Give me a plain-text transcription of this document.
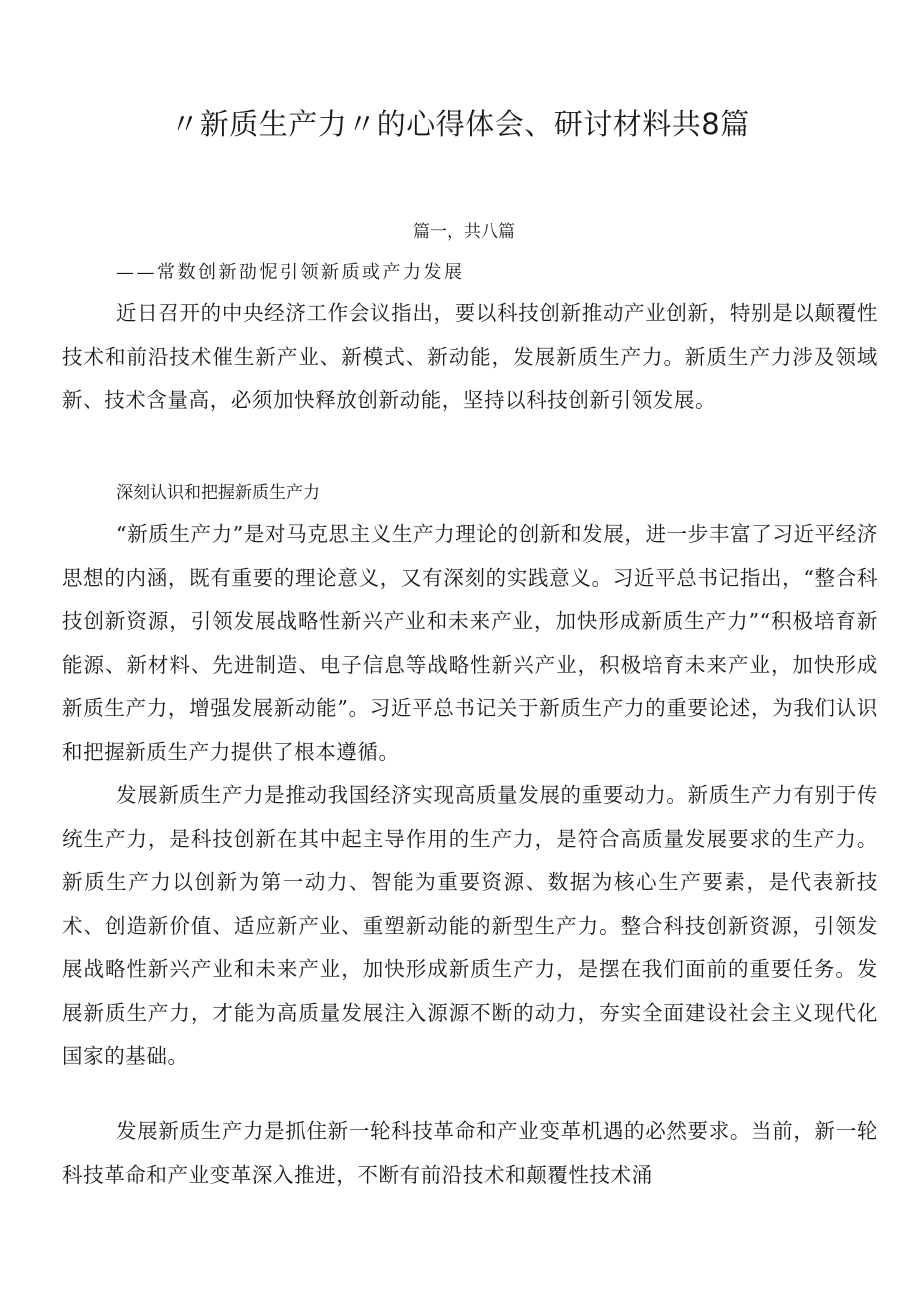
〃新质生产力〃的心得体会、研讨材料共8篇

篇一，共八篇

——常数创新劭怩引领新质或产力发展

近日召开的中央经济工作会议指出，要以科技创新推动产业创新，特别是以颠覆性技术和前沿技术催生新产业、新模式、新动能，发展新质生产力。新质生产力涉及领域新、技术含量高，必须加快释放创新动能，坚持以科技创新引领发展。

深刻认识和把握新质生产力

“新质生产力”是对马克思主义生产力理论的创新和发展，进一步丰富了习近平经济思想的内涵，既有重要的理论意义，又有深刻的实践意义。习近平总书记指出，“整合科技创新资源，引领发展战略性新兴产业和未来产业，加快形成新质生产力”“积极培育新能源、新材料、先进制造、电子信息等战略性新兴产业，积极培育未来产业，加快形成新质生产力，增强发展新动能”。习近平总书记关于新质生产力的重要论述，为我们认识和把握新质生产力提供了根本遵循。

发展新质生产力是推动我国经济实现高质量发展的重要动力。新质生产力有别于传统生产力，是科技创新在其中起主导作用的生产力，是符合高质量发展要求的生产力。新质生产力以创新为第一动力、智能为重要资源、数据为核心生产要素，是代表新技术、创造新价值、适应新产业、重塑新动能的新型生产力。整合科技创新资源，引领发展战略性新兴产业和未来产业，加快形成新质生产力，是摆在我们面前的重要任务。发展新质生产力，才能为高质量发展注入源源不断的动力，夯实全面建设社会主义现代化国家的基础。

发展新质生产力是抓住新一轮科技革命和产业变革机遇的必然要求。当前，新一轮科技革命和产业变革深入推进，不断有前沿技术和颠覆性技术涌
